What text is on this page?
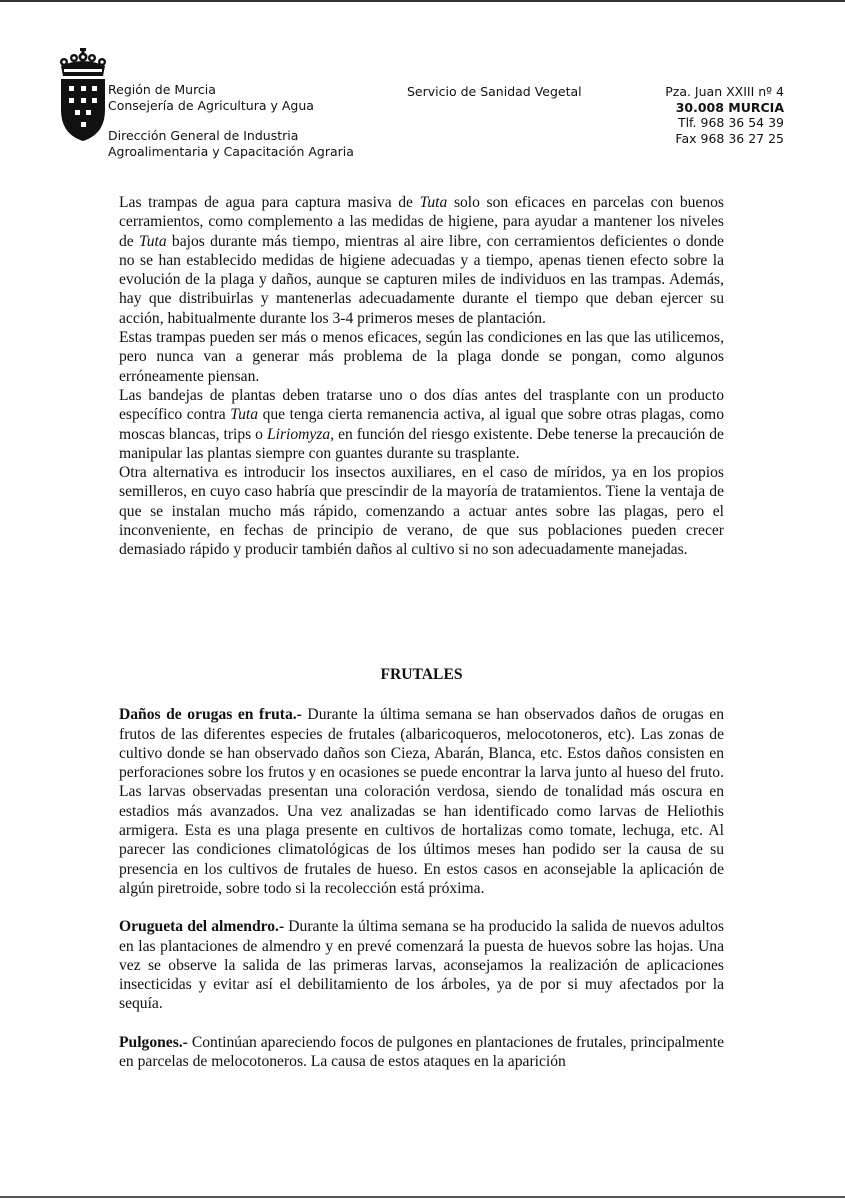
Región de Murcia
Consejería de Agricultura y Agua
Dirección General de Industria
Agroalimentaria y Capacitación Agraria
Servicio de Sanidad Vegetal	Pza. Juan XXIII nº 4
30.008 MURCIA
Tlf. 968 36 54 39
Fax 968 36 27 25

Las trampas de agua para captura masiva de Tuta solo son eficaces en parcelas con buenos cerramientos, como complemento a las medidas de higiene, para ayudar a mantener los niveles de Tuta bajos durante más tiempo, mientras al aire libre, con cerramientos deficientes o donde no se han establecido medidas de higiene adecuadas y a tiempo, apenas tienen efecto sobre la evolución de la plaga y daños, aunque se capturen miles de individuos en las trampas. Además, hay que distribuirlas y mantenerlas adecuadamente durante el tiempo que deban ejercer su acción, habitualmente durante los 3-4 primeros meses de plantación.

Estas trampas pueden ser más o menos eficaces, según las condiciones en las que las utilicemos, pero nunca van a generar más problema de la plaga donde se pongan, como algunos erróneamente piensan.

Las bandejas de plantas deben tratarse uno o dos días antes del trasplante con un producto específico contra Tuta que tenga cierta remanencia activa, al igual que sobre otras plagas, como moscas blancas, trips o Liriomyza, en función del riesgo existente. Debe tenerse la precaución de manipular las plantas siempre con guantes durante su trasplante.

Otra alternativa es introducir los insectos auxiliares, en el caso de míridos, ya en los propios semilleros, en cuyo caso habría que prescindir de la mayoría de tratamientos. Tiene la ventaja de que se instalan mucho más rápido, comenzando a actuar antes sobre las plagas, pero el inconveniente, en fechas de principio de verano, de que sus poblaciones pueden crecer demasiado rápido y producir también daños al cultivo si no son adecuadamente manejadas.

FRUTALES

Daños de orugas en fruta.- Durante la última semana se han observados daños de orugas en frutos de las diferentes especies de frutales (albaricoqueros, melocotoneros, etc). Las zonas de cultivo donde se han observado daños son Cieza, Abarán, Blanca, etc. Estos daños consisten en perforaciones sobre los frutos y en ocasiones se puede encontrar la larva junto al hueso del fruto. Las larvas observadas presentan una coloración verdosa, siendo de tonalidad más oscura en estadios más avanzados. Una vez analizadas se han identificado como larvas de Heliothis armigera. Esta es una plaga presente en cultivos de hortalizas como tomate, lechuga, etc. Al parecer las condiciones climatológicas de los últimos meses han podido ser la causa de su presencia en los cultivos de frutales de hueso. En estos casos en aconsejable la aplicación de algún piretroide, sobre todo si la recolección está próxima.

Orugueta del almendro.- Durante la última semana se ha producido la salida de nuevos adultos en las plantaciones de almendro y en prevé comenzará la puesta de huevos sobre las hojas. Una vez se observe la salida de las primeras larvas, aconsejamos la realización de aplicaciones insecticidas y evitar así el debilitamiento de los árboles, ya de por si muy afectados por la sequía.

Pulgones.- Continúan apareciendo focos de pulgones en plantaciones de frutales, principalmente en parcelas de melocotoneros. La causa de estos ataques en la aparición
